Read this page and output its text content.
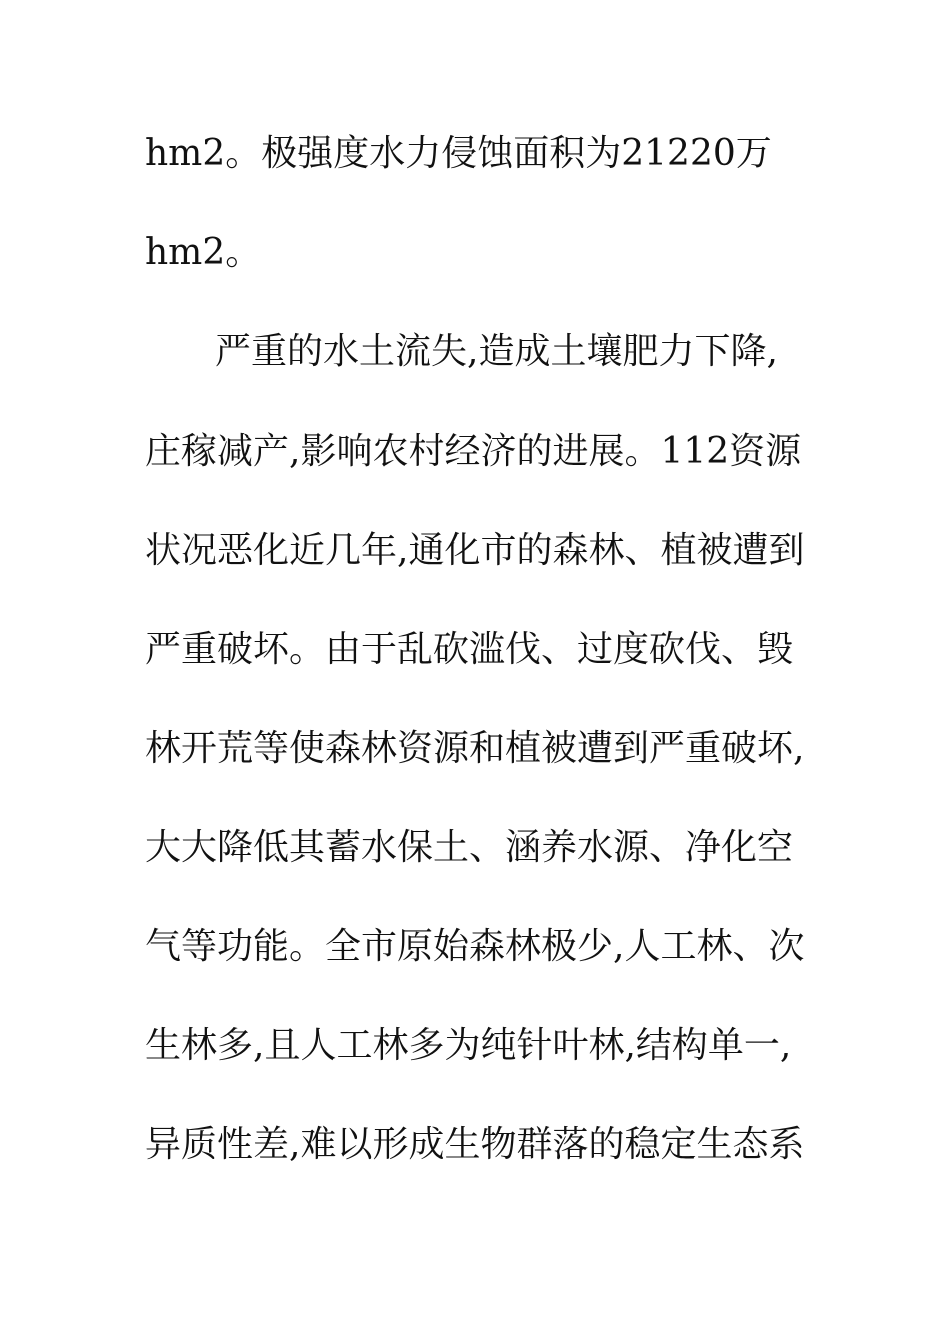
hm2。极强度水力侵蚀面积为21220万
hm2。
严重的水土流失,造成土壤肥力下降,
庄稼减产,影响农村经济的进展。112资源
状况恶化近几年,通化市的森林、植被遭到
严重破坏。由于乱砍滥伐、过度砍伐、毁
林开荒等使森林资源和植被遭到严重破坏,
大大降低其蓄水保土、涵养水源、净化空
气等功能。全市原始森林极少,人工林、次
生林多,且人工林多为纯针叶林,结构单一,
异质性差,难以形成生物群落的稳定生态系
